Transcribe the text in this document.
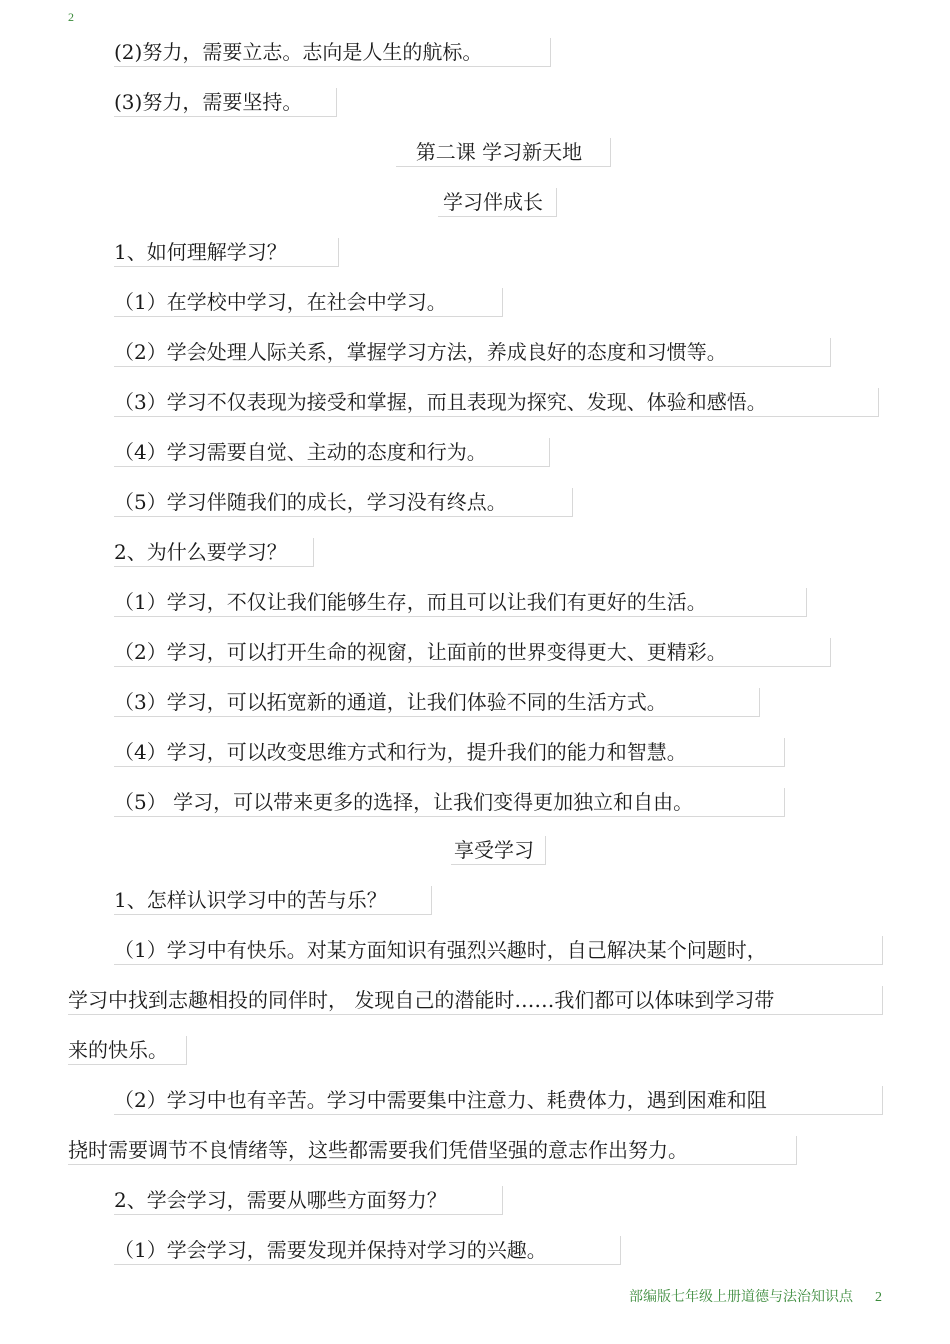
2
(2)努力，需要立志。志向是人生的航标。
(3)努力，需要坚持。
第二课 学习新天地
学习伴成长
1、如何理解学习？
（1）在学校中学习，在社会中学习。
（2）学会处理人际关系，掌握学习方法，养成良好的态度和习惯等。
（3）学习不仅表现为接受和掌握，而且表现为探究、发现、体验和感悟。
（4）学习需要自觉、主动的态度和行为。
（5）学习伴随我们的成长，学习没有终点。
2、为什么要学习？
（1）学习，不仅让我们能够生存，而且可以让我们有更好的生活。
（2）学习，可以打开生命的视窗，让面前的世界变得更大、更精彩。
（3）学习，可以拓宽新的通道，让我们体验不同的生活方式。
（4）学习，可以改变思维方式和行为，提升我们的能力和智慧。
（5） 学习，可以带来更多的选择，让我们变得更加独立和自由。
享受学习
1、怎样认识学习中的苦与乐？
（1）学习中有快乐。对某方面知识有强烈兴趣时，自己解决某个问题时，
学习中找到志趣相投的同伴时， 发现自己的潜能时……我们都可以体味到学习带
来的快乐。
（2）学习中也有辛苦。学习中需要集中注意力、耗费体力，遇到困难和阻
挠时需要调节不良情绪等，这些都需要我们凭借坚强的意志作出努力。
2、学会学习，需要从哪些方面努力？
（1）学会学习，需要发现并保持对学习的兴趣。
部编版七年级上册道德与法治知识点 2
